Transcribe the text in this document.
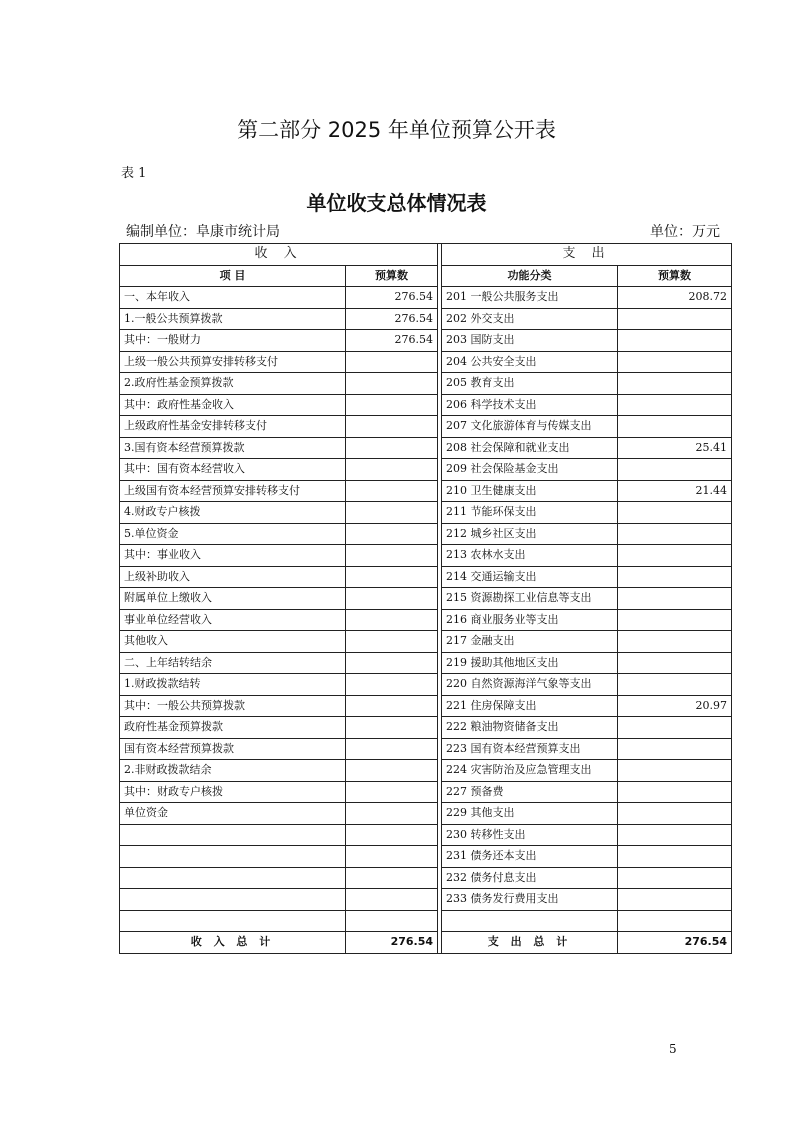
第二部分 2025 年单位预算公开表
表 1
单位收支总体情况表
编制单位：阜康市统计局	单位：万元
收 入			支 出	
项 目	预算数		功能分类	预算数
一、本年收入	276.54		201 一般公共服务支出	208.72
1.一般公共预算拨款	276.54		202 外交支出	
其中：一般财力	276.54		203 国防支出	
上级一般公共预算安排转移支付			204 公共安全支出	
2.政府性基金预算拨款			205 教育支出	
其中：政府性基金收入			206 科学技术支出	
上级政府性基金安排转移支付			207 文化旅游体育与传媒支出	
3.国有资本经营预算拨款			208 社会保障和就业支出	25.41
其中：国有资本经营收入			209 社会保险基金支出	
上级国有资本经营预算安排转移支付			210 卫生健康支出	21.44
4.财政专户核拨			211 节能环保支出	
5.单位资金			212 城乡社区支出	
其中：事业收入			213 农林水支出	
上级补助收入			214 交通运输支出	
附属单位上缴收入			215 资源勘探工业信息等支出	
事业单位经营收入			216 商业服务业等支出	
其他收入			217 金融支出	
二、上年结转结余			219 援助其他地区支出	
1.财政拨款结转			220 自然资源海洋气象等支出	
其中：一般公共预算拨款			221 住房保障支出	20.97
政府性基金预算拨款			222 粮油物资储备支出	
国有资本经营预算拨款			223 国有资本经营预算支出	
2.非财政拨款结余			224 灾害防治及应急管理支出	
其中：财政专户核拨			227 预备费	
单位资金			229 其他支出	
			230 转移性支出	
			231 债务还本支出	
			232 债务付息支出	
			233 债务发行费用支出	

收 入 总 计	276.54		支 出 总 计	276.54
5
